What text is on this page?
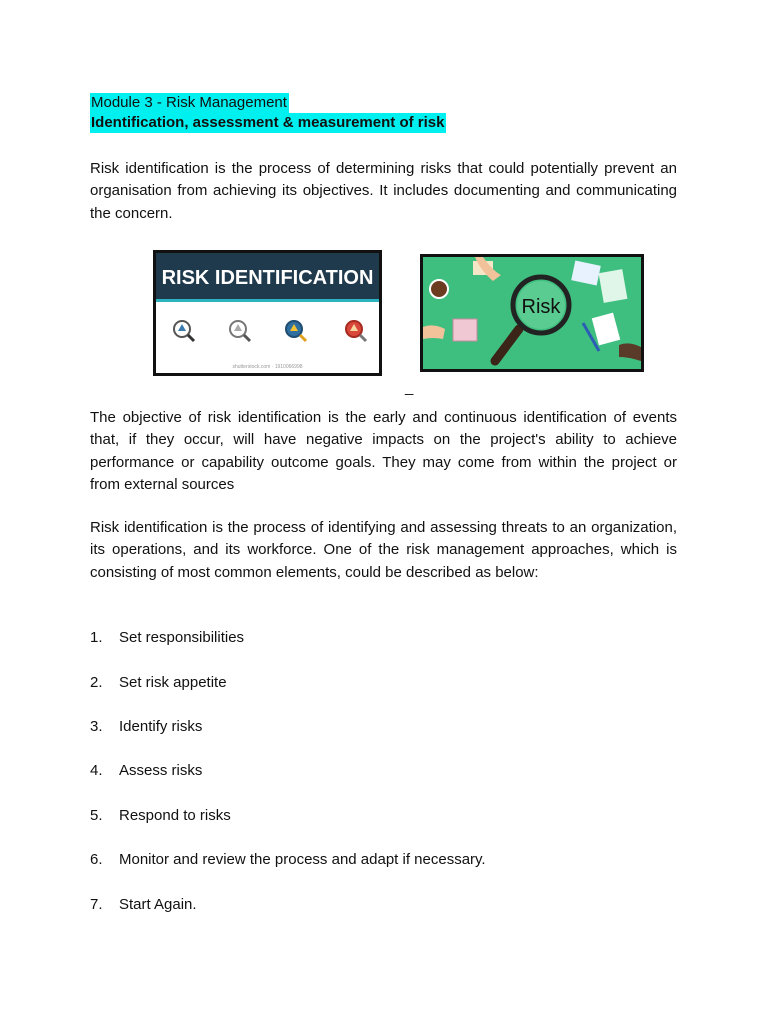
Module 3 - Risk Management
Identification, assessment & measurement of risk

Risk identification is the process of determining risks that could potentially prevent an organisation from achieving its objectives. It includes documenting and communicating the concern.

RISK IDENTIFICATION
shutterstock.com · 1910066998
Risk
_

The objective of risk identification is the early and continuous identification of events that, if they occur, will have negative impacts on the project's ability to achieve performance or capability outcome goals. They may come from within the project or from external sources

Risk identification is the process of identifying and assessing threats to an organization, its operations, and its workforce. One of the risk management approaches, which is consisting of most common elements, could be described as below:

1. Set responsibilities
2. Set risk appetite
3. Identify risks
4. Assess risks
5. Respond to risks
6. Monitor and review the process and adapt if necessary.
7. Start Again.
